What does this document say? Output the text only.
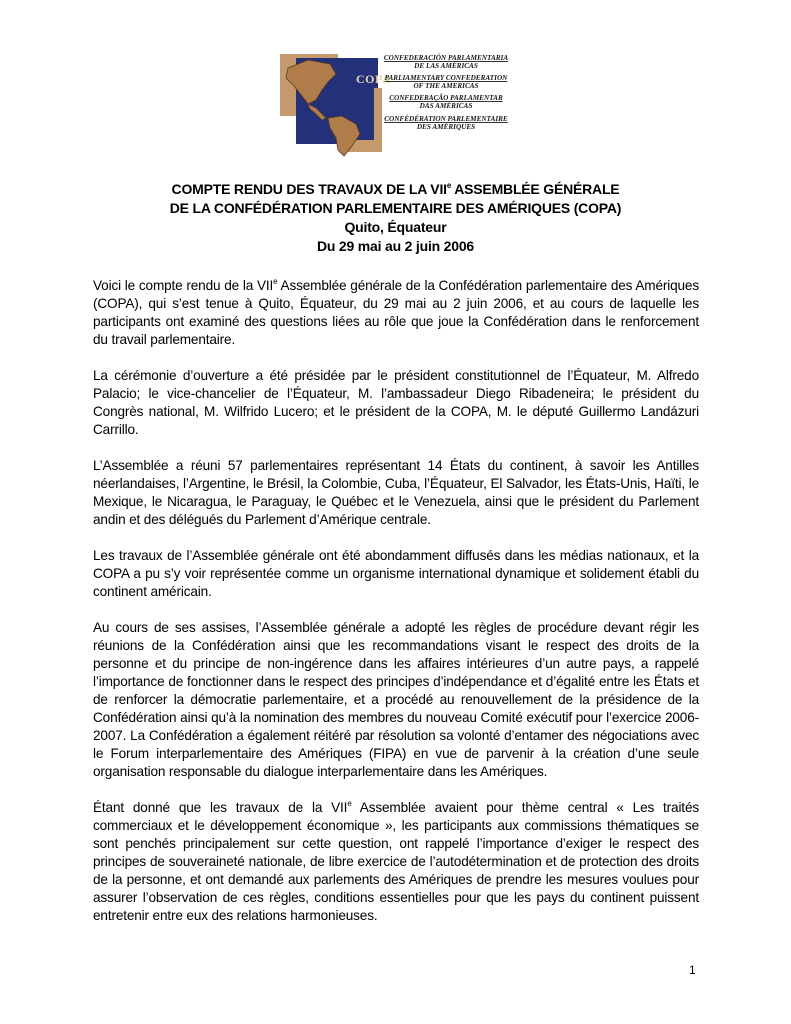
COPA
CONFEDERACIÓN PARLAMENTARIA
DE LAS AMÉRICAS
PARLIAMENTARY CONFEDERATION
OF THE AMERICAS
CONFEDERAÇÃO PARLAMENTAR
DAS AMÉRICAS
CONFÉDÉRATION PARLEMENTAIRE
DES AMÉRIQUES
COMPTE RENDU DES TRAVAUX DE LA VIIe ASSEMBLÉE GÉNÉRALE
DE LA CONFÉDÉRATION PARLEMENTAIRE DES AMÉRIQUES (COPA)
Quito, Équateur
Du 29 mai au 2 juin 2006

Voici le compte rendu de la VIIe Assemblée générale de la Confédération parlementaire des Amériques (COPA), qui s’est tenue à Quito, Équateur, du 29 mai au 2 juin 2006, et au cours de laquelle les participants ont examiné des questions liées au rôle que joue la Confédération dans le renforcement du travail parlementaire.

La cérémonie d’ouverture a été présidée par le président constitutionnel de l’Équateur, M. Alfredo Palacio; le vice-chancelier de l’Équateur, M. l’ambassadeur Diego Ribadeneira; le président du Congrès national, M. Wilfrido Lucero; et le président de la COPA, M. le député Guillermo Landázuri Carrillo.

L’Assemblée a réuni 57 parlementaires représentant 14 États du continent, à savoir les Antilles néerlandaises, l’Argentine, le Brésil, la Colombie, Cuba, l’Équateur, El Salvador, les États-Unis, Haïti, le Mexique, le Nicaragua, le Paraguay, le Québec et le Venezuela, ainsi que le président du Parlement andin et des délégués du Parlement d’Amérique centrale.

Les travaux de l’Assemblée générale ont été abondamment diffusés dans les médias nationaux, et la COPA a pu s’y voir représentée comme un organisme international dynamique et solidement établi du continent américain.

Au cours de ses assises, l’Assemblée générale a adopté les règles de procédure devant régir les réunions de la Confédération ainsi que les recommandations visant le respect des droits de la personne et du principe de non-ingérence dans les affaires intérieures d’un autre pays, a rappelé l’importance de fonctionner dans le respect des principes d’indépendance et d’égalité entre les États et de renforcer la démocratie parlementaire, et a procédé au renouvellement de la présidence de la Confédération ainsi qu’à la nomination des membres du nouveau Comité exécutif pour l’exercice 2006-2007. La Confédération a également réitéré par résolution sa volonté d’entamer des négociations avec le Forum interparlementaire des Amériques (FIPA) en vue de parvenir à la création d’une seule organisation responsable du dialogue interparlementaire dans les Amériques.

Étant donné que les travaux de la VIIe Assemblée avaient pour thème central « Les traités commerciaux et le développement économique », les participants aux commissions thématiques se sont penchés principalement sur cette question, ont rappelé l’importance d’exiger le respect des principes de souveraineté nationale, de libre exercice de l’autodétermination et de protection des droits de la personne, et ont demandé aux parlements des Amériques de prendre les mesures voulues pour assurer l’observation de ces règles, conditions essentielles pour que les pays du continent puissent entretenir entre eux des relations harmonieuses.

1
